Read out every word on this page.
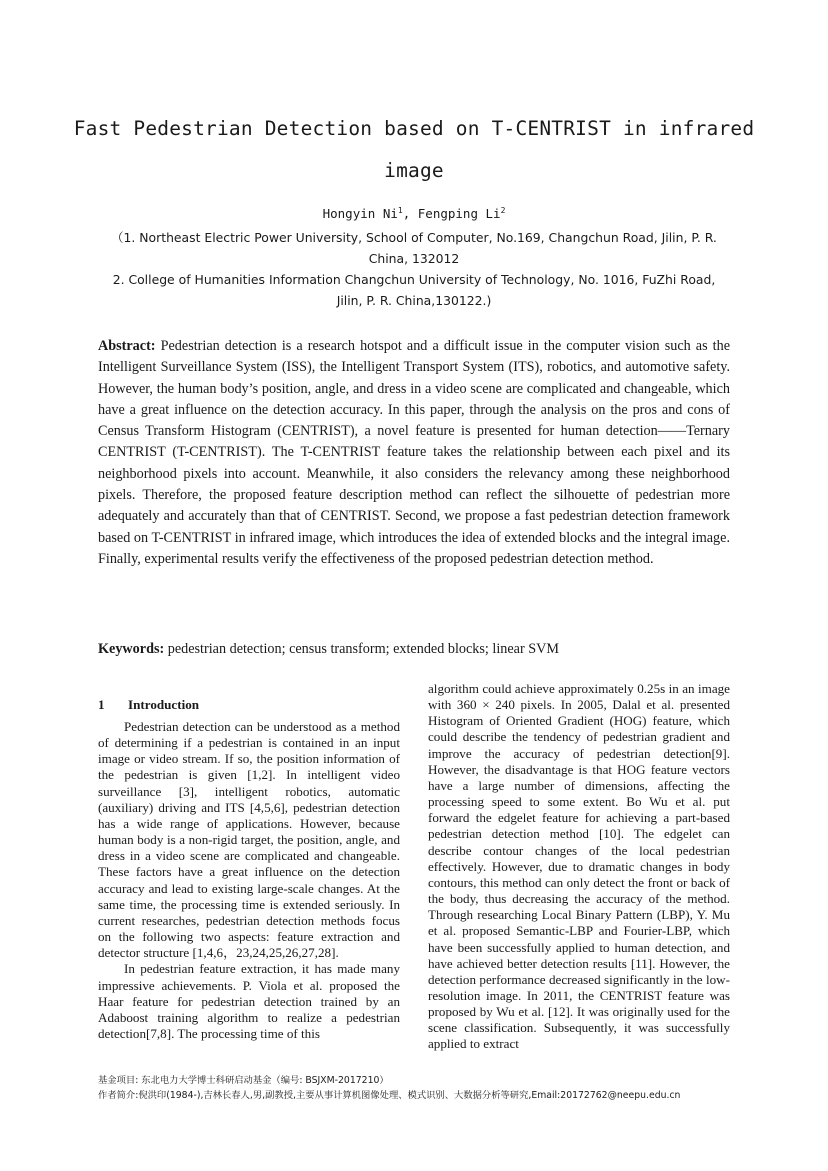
Fast Pedestrian Detection based on T-CENTRIST in infrared
image
Hongyin Ni$^1$, Fengping Li$^2$
（1. Northeast Electric Power University, School of Computer, No.169, Changchun Road, Jilin, P. R.
China, 132012
2. College of Humanities Information Changchun University of Technology, No. 1016, FuZhi Road,
Jilin, P. R. China,130122.)

Abstract: Pedestrian detection is a research hotspot and a difficult issue in the computer vision such as the Intelligent Surveillance System (ISS), the Intelligent Transport System (ITS), robotics, and automotive safety. However, the human body’s position, angle, and dress in a video scene are complicated and changeable, which have a great influence on the detection accuracy. In this paper, through the analysis on the pros and cons of Census Transform Histogram (CENTRIST), a novel feature is presented for human detection——Ternary CENTRIST (T-CENTRIST). The T-CENTRIST feature takes the relationship between each pixel and its neighborhood pixels into account. Meanwhile, it also considers the relevancy among these neighborhood pixels. Therefore, the proposed feature description method can reflect the silhouette of pedestrian more adequately and accurately than that of CENTRIST. Second, we propose a fast pedestrian detection framework based on T-CENTRIST in infrared image, which introduces the idea of extended blocks and the integral image. Finally, experimental results verify the effectiveness of the proposed pedestrian detection method.

Keywords: pedestrian detection; census transform; extended blocks; linear SVM

1 Introduction

Pedestrian detection can be understood as a method of determining if a pedestrian is contained in an input image or video stream. If so, the position information of the pedestrian is given [1,2]. In intelligent video surveillance [3], intelligent robotics, automatic (auxiliary) driving and ITS [4,5,6], pedestrian detection has a wide range of applications. However, because human body is a non-rigid target, the position, angle, and dress in a video scene are complicated and changeable. These factors have a great influence on the detection accuracy and lead to existing large-scale changes. At the same time, the processing time is extended seriously. In current researches, pedestrian detection methods focus on the following two aspects: feature extraction and detector structure [1,4,6，23,24,25,26,27,28].

In pedestrian feature extraction, it has made many impressive achievements. P. Viola et al. proposed the Haar feature for pedestrian detection trained by an Adaboost training algorithm to realize a pedestrian detection[7,8]. The processing time of this

algorithm could achieve approximately 0.25s in an image with 360 × 240 pixels. In 2005, Dalal et al. presented Histogram of Oriented Gradient (HOG) feature, which could describe the tendency of pedestrian gradient and improve the accuracy of pedestrian detection[9]. However, the disadvantage is that HOG feature vectors have a large number of dimensions, affecting the processing speed to some extent. Bo Wu et al. put forward the edgelet feature for achieving a part-based pedestrian detection method [10]. The edgelet can describe contour changes of the local pedestrian effectively. However, due to dramatic changes in body contours, this method can only detect the front or back of the body, thus decreasing the accuracy of the method. Through researching Local Binary Pattern (LBP), Y. Mu et al. proposed Semantic-LBP and Fourier-LBP, which have been successfully applied to human detection, and have achieved better detection results [11]. However, the detection performance decreased significantly in the low-resolution image. In 2011, the CENTRIST feature was proposed by Wu et al. [12]. It was originally used for the scene classification. Subsequently, it was successfully applied to extract

基金项目: 东北电力大学博士科研启动基金（编号: BSJXM-2017210）
作者简介:倪洪印(1984-),吉林长春人,男,副教授,主要从事计算机图像处理、模式识别、大数据分析等研究,Email:20172762@neepu.edu.cn
